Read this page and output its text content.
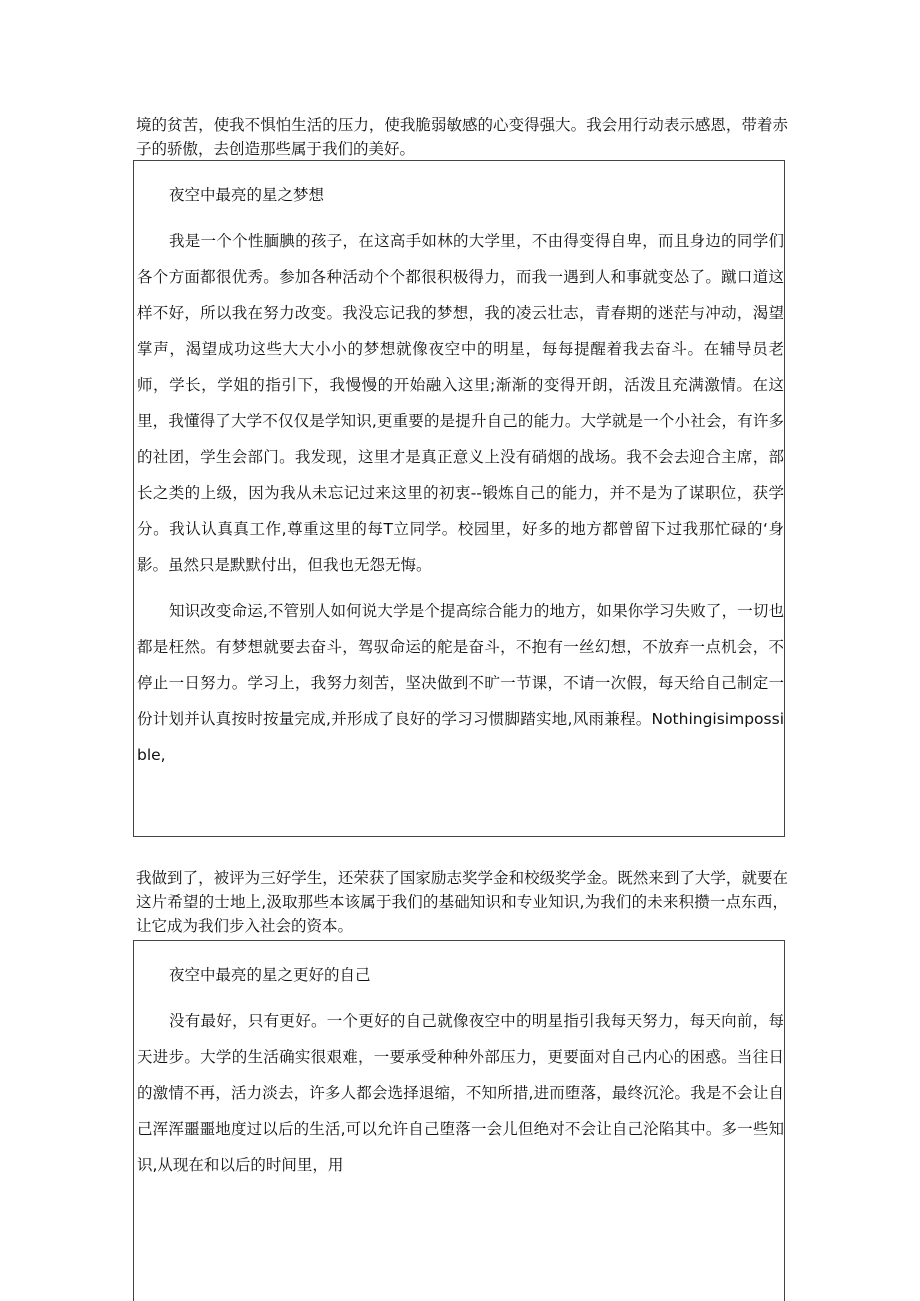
境的贫苦，使我不惧怕生活的压力，使我脆弱敏感的心变得强大。我会用行动表示感恩，带着赤子的骄傲，去创造那些属于我们的美好。

夜空中最亮的星之梦想

我是一个个性腼腆的孩子，在这高手如林的大学里，不由得变得自卑，而且身边的同学们各个方面都很优秀。参加各种活动个个都很积极得力，而我一遇到人和事就变怂了。蹴口道这样不好，所以我在努力改变。我没忘记我的梦想，我的凌云壮志，青春期的迷茫与冲动，渴望掌声，渴望成功这些大大小小的梦想就像夜空中的明星，每每提醒着我去奋斗。在辅导员老师，学长，学姐的指引下，我慢慢的开始融入这里;渐渐的变得开朗，活泼且充满激情。在这里，我懂得了大学不仅仅是学知识,更重要的是提升自己的能力。大学就是一个小社会，有许多的社团，学生会部门。我发现，这里才是真正意义上没有硝烟的战场。我不会去迎合主席，部长之类的上级，因为我从未忘记过来这里的初衷--锻炼自己的能力，并不是为了谋职位，获学分。我认认真真工作,尊重这里的每T立同学。校园里，好多的地方都曾留下过我那忙碌的‘身影。虽然只是默默付出，但我也无怨无悔。

知识改变命运,不管别人如何说大学是个提高综合能力的地方，如果你学习失败了，一切也都是枉然。有梦想就要去奋斗，驾驭命运的舵是奋斗，不抱有一丝幻想，不放弃一点机会，不停止一日努力。学习上，我努力刻苦，坚决做到不旷一节课，不请一次假，每天给自己制定一份计划并认真按时按量完成,并形成了良好的学习习惯脚踏实地,风雨兼程。Nothingisimpossible,

我做到了，被评为三好学生，还荣获了国家励志奖学金和校级奖学金。既然来到了大学，就要在这片希望的士地上,汲取那些本该属于我们的基础知识和专业知识,为我们的未来积攒一点东西，让它成为我们步入社会的资本。

夜空中最亮的星之更好的自己

没有最好，只有更好。一个更好的自己就像夜空中的明星指引我每天努力，每天向前，每天进步。大学的生活确实很艰难，一要承受种种外部压力，更要面对自己内心的困惑。当往日的激情不再，活力淡去，许多人都会选择退缩，不知所措,进而堕落，最终沉沦。我是不会让自己浑浑噩噩地度过以后的生活,可以允许自己堕落一会儿但绝对不会让自己沦陷其中。多一些知识,从现在和以后的时间里，用
